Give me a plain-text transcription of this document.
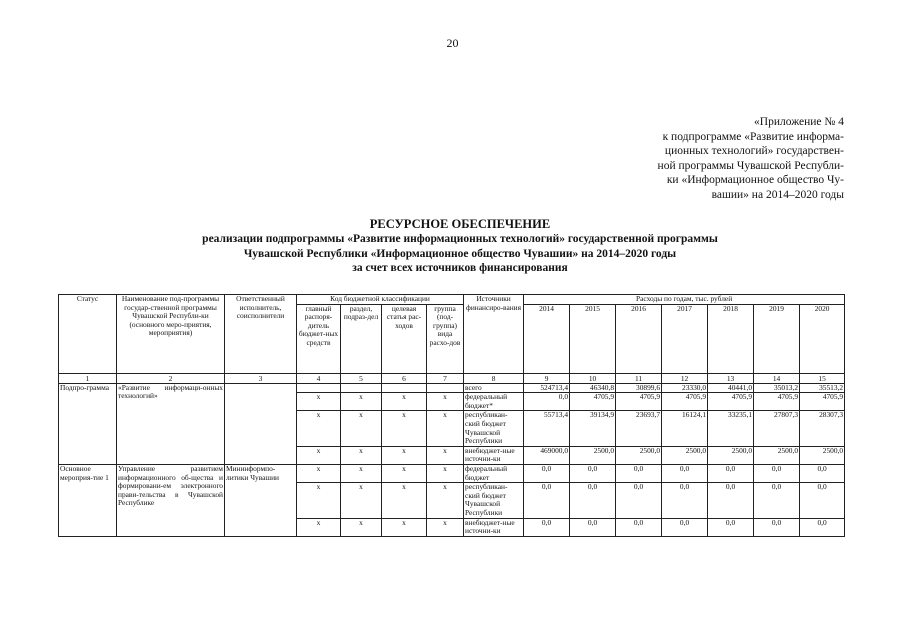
20
«Приложение № 4
к подпрограмме «Развитие информа-
ционных технологий» государствен-
ной программы Чувашской Республи-
ки «Информационное общество Чу-
вашии» на 2014–2020 годы
РЕСУРСНОЕ ОБЕСПЕЧЕНИЕ
реализации подпрограммы «Развитие информационных технологий» государственной программы
Чувашской Республики «Информационное общество Чувашии» на 2014–2020 годы
за счет всех источников финансирования
Статус	Наименование под-программы государ-ственной программы Чувашской Республи-ки (основного меро-приятия, мероприятия)	Ответственный исполнитель, соисполнители	Код бюджетной классификации				Источники финансиро-вания	Расходы по годам, тыс. рублей						
			главный распоря-дитель бюджет-ных средств	раздел, подраз-дел	целевая статья рас-ходов	группа (под-группа) вида расхо-дов		2014	2015	2016	2017	2018	2019	2020
1	2	3	4	5	6	7	8	9	10	11	12	13	14	15
Подпро-грамма	«Развитие информаци-онных технологий»						всего	524713,4	46340,8	30899,6	23330,0	40441,0	35013,2	35513,2
			х	х	х	х	федеральный бюджет*	0,0	4705,9	4705,9	4705,9	4705,9	4705,9	4705,9
			х	х	х	х	республикан-ский бюджет Чувашской Республики	55713,4	39134,9	23693,7	16124,1	33235,1	27807,3	28307,3
			х	х	х	х	внебюджет-ные источни-ки	469000,0	2500,0	2500,0	2500,0	2500,0	2500,0	2500,0
Основное мероприя-тие 1	Управление развитием информационного об-щества и формировани-ем электронного прави-тельства в Чувашской Республике	Мининформпо-литики Чувашии	х	х	х	х	федеральный бюджет	0,0	0,0	0,0	0,0	0,0	0,0	0,0
			х	х	х	х	республикан-ский бюджет Чувашской Республики	0,0	0,0	0,0	0,0	0,0	0,0	0,0
			х	х	х	х	внебюджет-ные источни-ки	0,0	0,0	0,0	0,0	0,0	0,0	0,0
